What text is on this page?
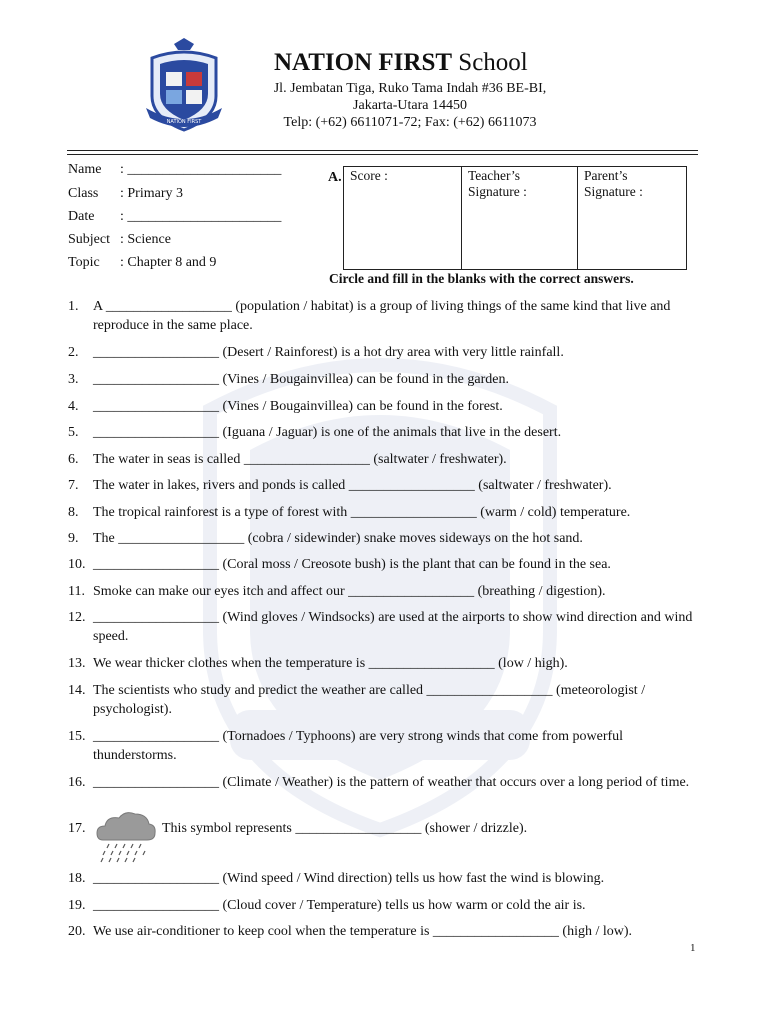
NATION FIRST
NATION FIRST School
Jl. Jembatan Tiga, Ruko Tama Indah #36 BE-BI,
Jakarta-Utara 14450
Telp: (+62) 6611071-72; Fax: (+62) 6611073
Name : ______________________
Class : Primary 3
Date : ______________________
Subject : Science
Topic : Chapter 8 and 9
A. Score :	Teacher’s Signature :	Parent’s Signature :
Circle and fill in the blanks with the correct answers.
1. A __________________ (population / habitat) is a group of living things of the same kind that live and reproduce in the same place.
2. __________________ (Desert / Rainforest) is a hot dry area with very little rainfall.
3. __________________ (Vines / Bougainvillea) can be found in the garden.
4. __________________ (Vines / Bougainvillea) can be found in the forest.
5. __________________ (Iguana / Jaguar) is one of the animals that live in the desert.
6. The water in seas is called __________________ (saltwater / freshwater).
7. The water in lakes, rivers and ponds is called __________________ (saltwater / freshwater).
8. The tropical rainforest is a type of forest with __________________ (warm / cold) temperature.
9. The __________________ (cobra / sidewinder) snake moves sideways on the hot sand.
10. __________________ (Coral moss / Creosote bush) is the plant that can be found in the sea.
11. Smoke can make our eyes itch and affect our __________________ (breathing / digestion).
12. __________________ (Wind gloves / Windsocks) are used at the airports to show wind direction and wind speed.
13. We wear thicker clothes when the temperature is __________________ (low / high).
14. The scientists who study and predict the weather are called __________________ (meteorologist / psychologist).
15. __________________ (Tornadoes / Typhoons) are very strong winds that come from powerful thunderstorms.
16. __________________ (Climate / Weather) is the pattern of weather that occurs over a long period of time.
17.	This symbol represents __________________ (shower / drizzle).
18. __________________ (Wind speed / Wind direction) tells us how fast the wind is blowing.
19. __________________ (Cloud cover / Temperature) tells us how warm or cold the air is.
20. We use air-conditioner to keep cool when the temperature is __________________ (high / low).
1
